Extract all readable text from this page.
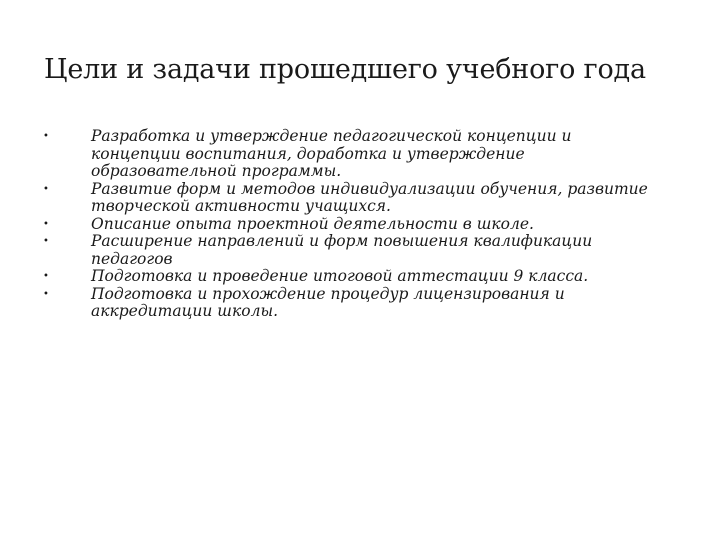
Цели и задачи прошедшего учебного года
•	Разработка и утверждение педагогической концепции и концепции воспитания, доработка и утверждение образовательной программы.
•	Развитие форм и методов индивидуализации обучения, развитие творческой активности учащихся.
•	Описание опыта проектной деятельности в школе.
•	Расширение направлений и форм повышения квалификации педагогов
•	Подготовка и проведение итоговой аттестации 9 класса.
•	Подготовка и прохождение процедур лицензирования и аккредитации школы.
